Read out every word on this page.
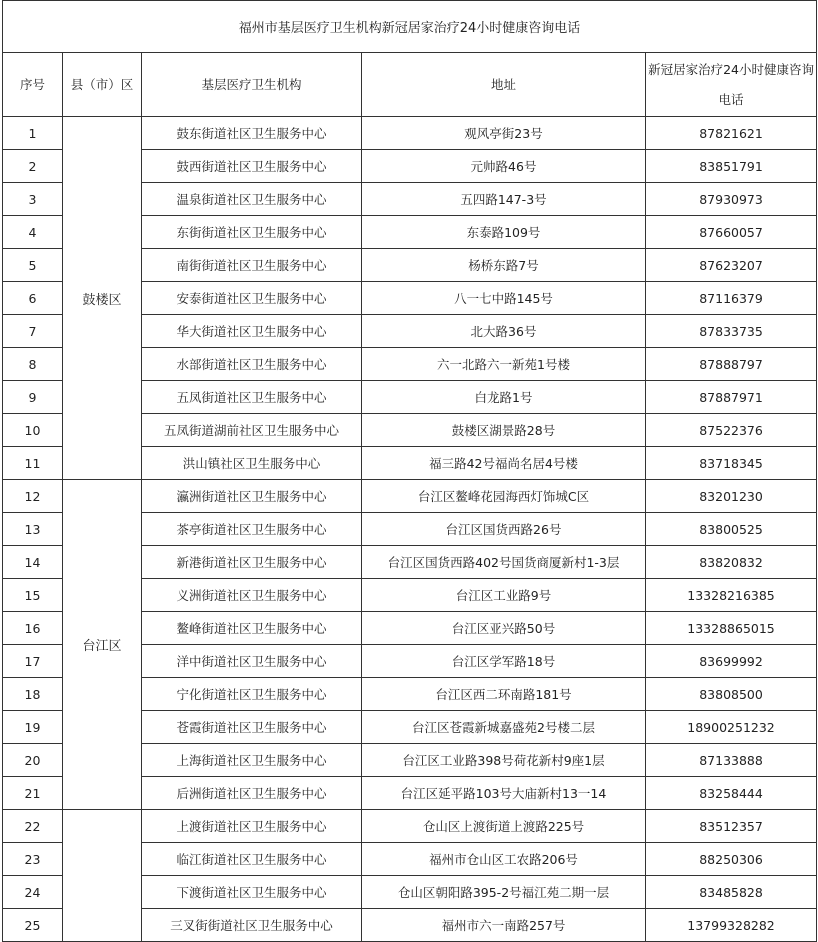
福州市基层医疗卫生机构新冠居家治疗24小时健康咨询电话				
序号	县（市）区	基层医疗卫生机构	地址	新冠居家治疗24小时健康咨询电话
1	鼓楼区	鼓东街道社区卫生服务中心	观风亭街23号	87821621
2		鼓西街道社区卫生服务中心	元帅路46号	83851791
3		温泉街道社区卫生服务中心	五四路147-3号	87930973
4		东街街道社区卫生服务中心	东泰路109号	87660057
5		南街街道社区卫生服务中心	杨桥东路7号	87623207
6		安泰街道社区卫生服务中心	八一七中路145号	87116379
7		华大街道社区卫生服务中心	北大路36号	87833735
8		水部街道社区卫生服务中心	六一北路六一新苑1号楼	87888797
9		五凤街道社区卫生服务中心	白龙路1号	87887971
10		五凤街道湖前社区卫生服务中心	鼓楼区湖景路28号	87522376
11		洪山镇社区卫生服务中心	福三路42号福尚名居4号楼	83718345
12	台江区	瀛洲街道社区卫生服务中心	台江区鳌峰花园海西灯饰城C区	83201230
13		茶亭街道社区卫生服务中心	台江区国货西路26号	83800525
14		新港街道社区卫生服务中心	台江区国货西路402号国货商厦新村1-3层	83820832
15		义洲街道社区卫生服务中心	台江区工业路9号	13328216385
16		鳌峰街道社区卫生服务中心	台江区亚兴路50号	13328865015
17		洋中街道社区卫生服务中心	台江区学军路18号	83699992
18		宁化街道社区卫生服务中心	台江区西二环南路181号	83808500
19		苍霞街道社区卫生服务中心	台江区苍霞新城嘉盛苑2号楼二层	18900251232
20		上海街道社区卫生服务中心	台江区工业路398号荷花新村9座1层	87133888
21		后洲街道社区卫生服务中心	台江区延平路103号大庙新村13一14	83258444
22		上渡街道社区卫生服务中心	仓山区上渡街道上渡路225号	83512357
23		临江街道社区卫生服务中心	福州市仓山区工农路206号	88250306
24		下渡街道社区卫生服务中心	仓山区朝阳路395-2号福江苑二期一层	83485828
25		三叉街街道社区卫生服务中心	福州市六一南路257号	13799328282
